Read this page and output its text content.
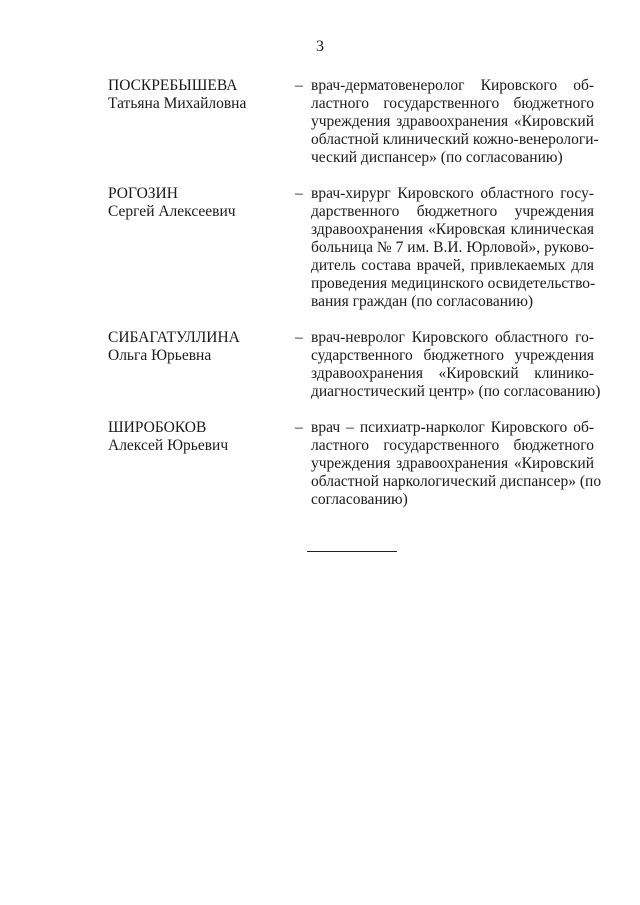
3
ПОСКРЕБЫШЕВА
Татьяна Михайловна
– врач-дерматовенеролог Кировского об-
ластного государственного бюджетного
учреждения здравоохранения «Кировский
областной клинический кожно-венерологи-
ческий диспансер» (по согласованию)
РОГОЗИН
Сергей Алексеевич
– врач-хирург Кировского областного госу-
дарственного бюджетного учреждения
здравоохранения «Кировская клиническая
больница № 7 им. В.И. Юрловой», руково-
дитель состава врачей, привлекаемых для
проведения медицинского освидетельство-
вания граждан (по согласованию)
СИБАГАТУЛЛИНА
Ольга Юрьевна
– врач-невролог Кировского областного го-
сударственного бюджетного учреждения
здравоохранения «Кировский клинико-
диагностический центр» (по согласованию)
ШИРОБОКОВ
Алексей Юрьевич
– врач – психиатр-нарколог Кировского об-
ластного государственного бюджетного
учреждения здравоохранения «Кировский
областной наркологический диспансер» (по
согласованию)
